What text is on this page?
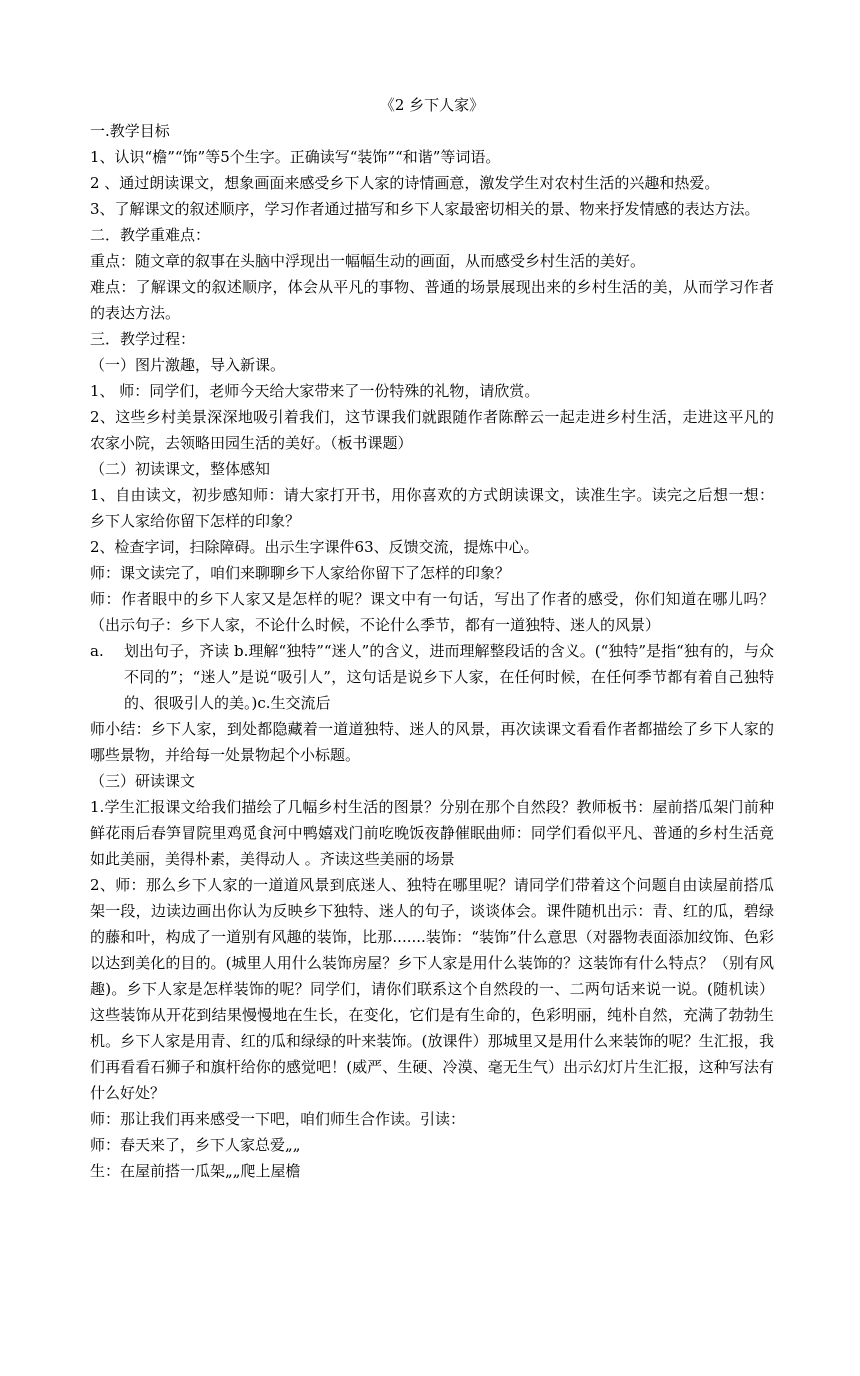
《2 乡下人家》

一.教学目标

1、认识“檐”“饰”等5个生字。正确读写“装饰”“和谐”等词语。

2 、通过朗读课文，想象画面来感受乡下人家的诗情画意，激发学生对农村生活的兴趣和热爱。

3、了解课文的叙述顺序，学习作者通过描写和乡下人家最密切相关的景、物来抒发情感的表达方法。

二．教学重难点：

重点：随文章的叙事在头脑中浮现出一幅幅生动的画面，从而感受乡村生活的美好。

难点：了解课文的叙述顺序，体会从平凡的事物、普通的场景展现出来的乡村生活的美，从而学习作者的表达方法。

三．教学过程：

（一）图片激趣，导入新课。

1、 师：同学们，老师今天给大家带来了一份特殊的礼物，请欣赏。

2、这些乡村美景深深地吸引着我们，这节课我们就跟随作者陈醉云一起走进乡村生活，走进这平凡的农家小院，去领略田园生活的美好。（板书课题）

（二）初读课文，整体感知

1、自由读文，初步感知师：请大家打开书，用你喜欢的方式朗读课文，读准生字。读完之后想一想：乡下人家给你留下怎样的印象？

2、检查字词，扫除障碍。出示生字课件63、反馈交流，提炼中心。

师：课文读完了，咱们来聊聊乡下人家给你留下了怎样的印象？

师：作者眼中的乡下人家又是怎样的呢？课文中有一句话，写出了作者的感受，你们知道在哪儿吗？（出示句子：乡下人家，不论什么时候，不论什么季节，都有一道独特、迷人的风景）

a.	划出句子，齐读 b.理解“独特”“迷人”的含义，进而理解整段话的含义。(“独特”是指“独有的，与众不同的”；“迷人”是说“吸引人”，这句话是说乡下人家，在任何时候，在任何季节都有着自己独特的、很吸引人的美。)c.生交流后

师小结：乡下人家，到处都隐藏着一道道独特、迷人的风景，再次读课文看看作者都描绘了乡下人家的哪些景物，并给每一处景物起个小标题。

（三）研读课文

1.学生汇报课文给我们描绘了几幅乡村生活的图景？分别在那个自然段？教师板书：屋前搭瓜架门前种鲜花雨后春笋冒院里鸡觅食河中鸭嬉戏门前吃晚饭夜静催眠曲师：同学们看似平凡、普通的乡村生活竟如此美丽，美得朴素，美得动人 。齐读这些美丽的场景

2、师：那么乡下人家的一道道风景到底迷人、独特在哪里呢？请同学们带着这个问题自由读屋前搭瓜架一段，边读边画出你认为反映乡下独特、迷人的句子，谈谈体会。课件随机出示：青、红的瓜，碧绿的藤和叶，构成了一道别有风趣的装饰，比那.......装饰：“装饰”什么意思（对器物表面添加纹饰、色彩以达到美化的目的。(城里人用什么装饰房屋？乡下人家是用什么装饰的？这装饰有什么特点？（别有风趣)。乡下人家是怎样装饰的呢？同学们，请你们联系这个自然段的一、二两句话来说一说。(随机读）这些装饰从开花到结果慢慢地在生长，在变化，它们是有生命的，色彩明丽，纯朴自然，充满了勃勃生机。乡下人家是用青、红的瓜和绿绿的叶来装饰。(放课件）那城里又是用什么来装饰的呢？生汇报，我们再看看石狮子和旗杆给你的感觉吧！(威严、生硬、冷漠、毫无生气）出示幻灯片生汇报，这种写法有什么好处？

师：那让我们再来感受一下吧，咱们师生合作读。引读：

师：春天来了，乡下人家总爱„„

生：在屋前搭一瓜架„„爬上屋檐
